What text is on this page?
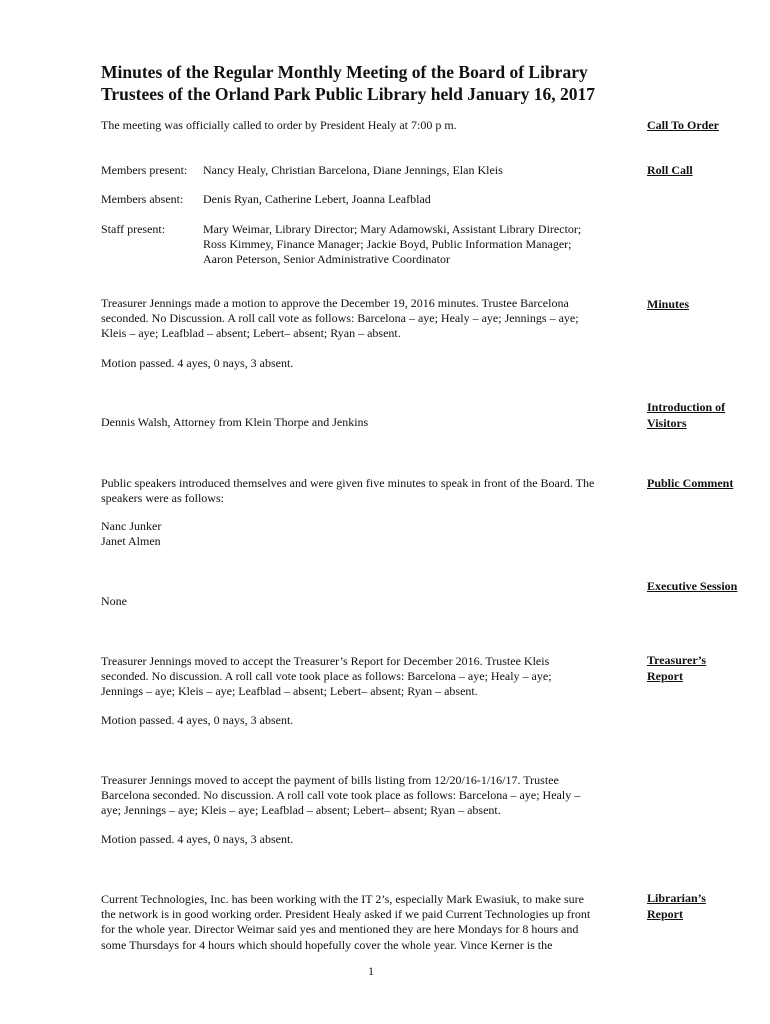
Minutes of the Regular Monthly Meeting of the Board of Library
Trustees of the Orland Park Public Library held January 16, 2017
The meeting was officially called to order by President Healy at 7:00 p m.	Call To Order
Members present: Nancy Healy, Christian Barcelona, Diane Jennings, Elan Kleis	Roll Call
Members absent: Denis Ryan, Catherine Lebert, Joanna Leafblad
Staff present:	Mary Weimar, Library Director; Mary Adamowski, Assistant Library Director;
Ross Kimmey, Finance Manager; Jackie Boyd, Public Information Manager;
Aaron Peterson, Senior Administrative Coordinator
Treasurer Jennings made a motion to approve the December 19, 2016 minutes. Trustee Barcelona
seconded. No Discussion. A roll call vote as follows: Barcelona – aye; Healy – aye; Jennings – aye;
Kleis – aye; Leafblad – absent; Lebert– absent; Ryan – absent.
Minutes
Motion passed. 4 ayes, 0 nays, 3 absent.
Introduction of
Visitors
Dennis Walsh, Attorney from Klein Thorpe and Jenkins
Public speakers introduced themselves and were given five minutes to speak in front of the Board. The
speakers were as follows:
Public Comment
Nanc Junker
Janet Almen
Executive Session
None
Treasurer Jennings moved to accept the Treasurer’s Report for December 2016. Trustee Kleis
seconded. No discussion. A roll call vote took place as follows: Barcelona – aye; Healy – aye;
Jennings – aye; Kleis – aye; Leafblad – absent; Lebert– absent; Ryan – absent.
Treasurer’s
Report
Motion passed. 4 ayes, 0 nays, 3 absent.
Treasurer Jennings moved to accept the payment of bills listing from 12/20/16-1/16/17. Trustee
Barcelona seconded. No discussion. A roll call vote took place as follows: Barcelona – aye; Healy –
aye; Jennings – aye; Kleis – aye; Leafblad – absent; Lebert– absent; Ryan – absent.
Motion passed. 4 ayes, 0 nays, 3 absent.
Current Technologies, Inc. has been working with the IT 2’s, especially Mark Ewasiuk, to make sure
the network is in good working order. President Healy asked if we paid Current Technologies up front
for the whole year. Director Weimar said yes and mentioned they are here Mondays for 8 hours and
some Thursdays for 4 hours which should hopefully cover the whole year. Vince Kerner is the
Librarian’s
Report
1
